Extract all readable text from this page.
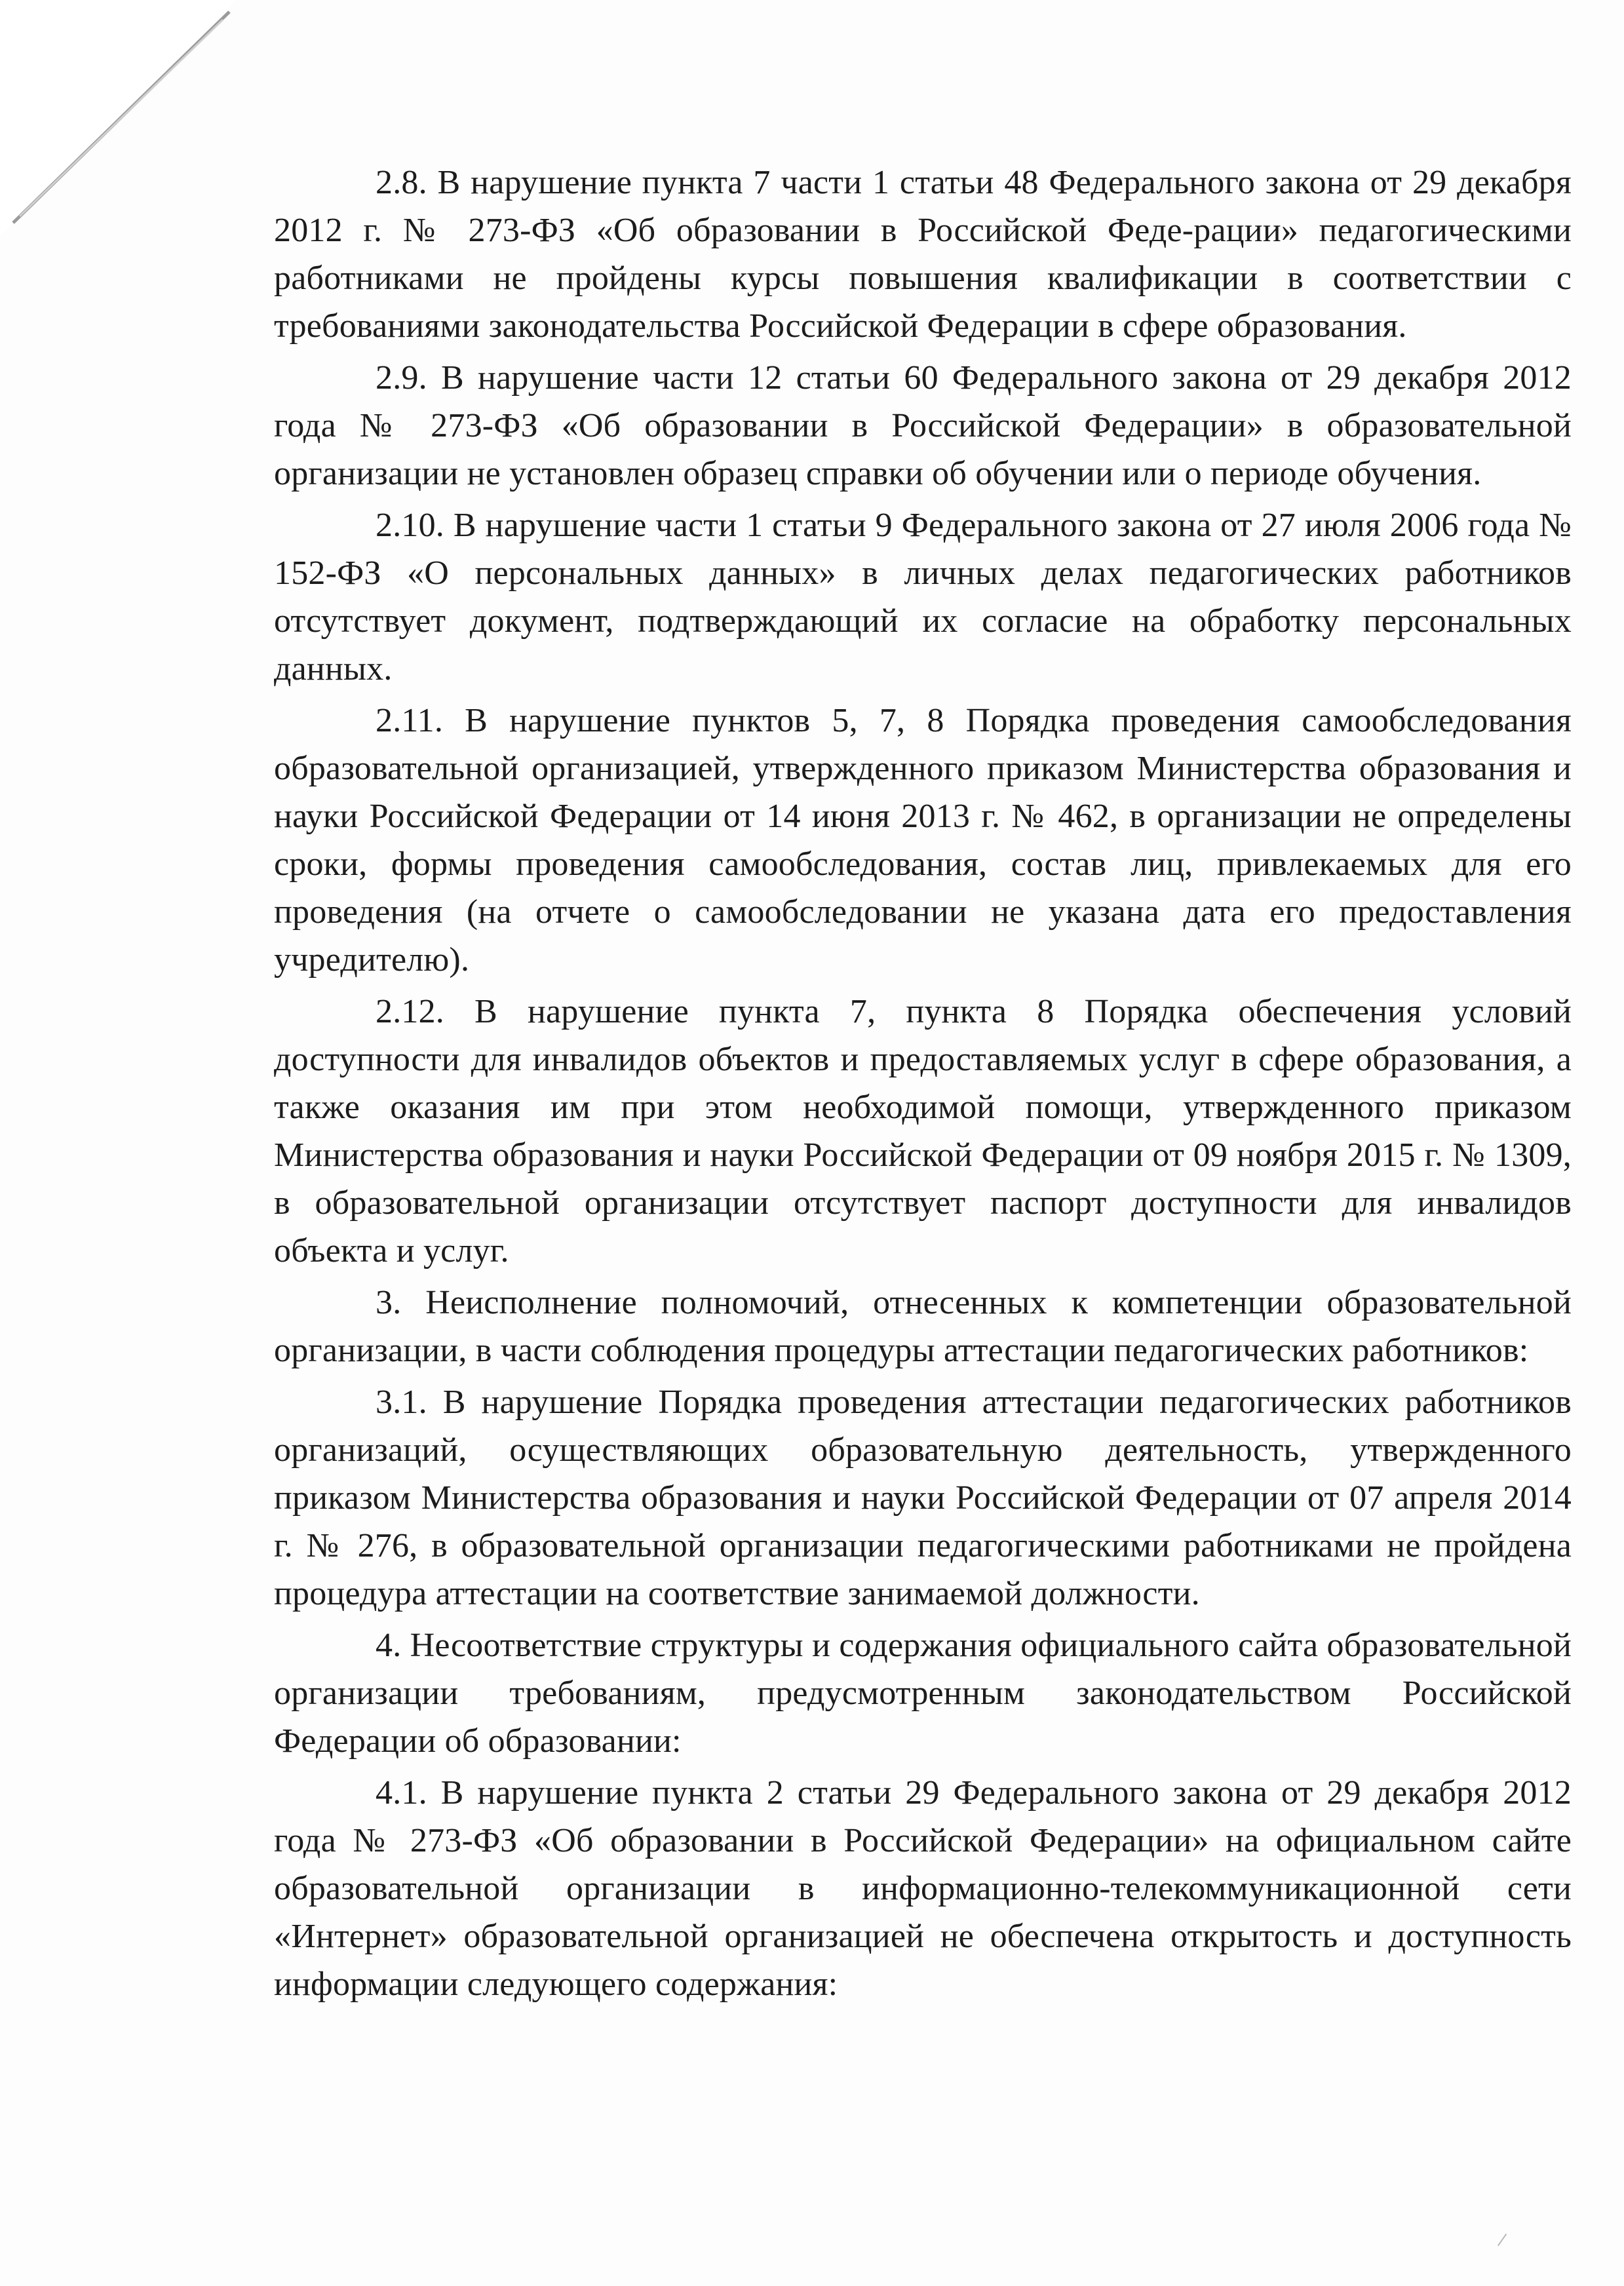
2.8. В нарушение пункта 7 части 1 статьи 48 Федерального закона от 29 декабря 2012 г. № 273-ФЗ «Об образовании в Российской Феде-рации» педагогическими работниками не пройдены курсы повышения квалификации в соответствии с требованиями законодательства Российской Федерации в сфере образования.

2.9. В нарушение части 12 статьи 60 Федерального закона от 29 декабря 2012 года № 273-ФЗ «Об образовании в Российской Федерации» в образовательной организации не установлен образец справки об обучении или о периоде обучения.

2.10. В нарушение части 1 статьи 9 Федерального закона от 27 июля 2006 года № 152-ФЗ «О персональных данных» в личных делах педагогических работников отсутствует документ, подтверждающий их согласие на обработку персональных данных.

2.11. В нарушение пунктов 5, 7, 8 Порядка проведения самообследования образовательной организацией, утвержденного приказом Министерства образования и науки Российской Федерации от 14 июня 2013 г. № 462, в организации не определены сроки, формы проведения самообследования, состав лиц, привлекаемых для его проведения (на отчете о самообследовании не указана дата его предоставления учредителю).

2.12. В нарушение пункта 7, пункта 8 Порядка обеспечения условий доступности для инвалидов объектов и предоставляемых услуг в сфере образования, а также оказания им при этом необходимой помощи, утвержденного приказом Министерства образования и науки Российской Федерации от 09 ноября 2015 г. № 1309, в образовательной организации отсутствует паспорт доступности для инвалидов объекта и услуг.

3. Неисполнение полномочий, отнесенных к компетенции образовательной организации, в части соблюдения процедуры аттестации педагогических работников:

3.1. В нарушение Порядка проведения аттестации педагогических работников организаций, осуществляющих образовательную деятельность, утвержденного приказом Министерства образования и науки Российской Федерации от 07 апреля 2014 г. № 276, в образовательной организации педагогическими работниками не пройдена процедура аттестации на соответствие занимаемой должности.

4. Несоответствие структуры и содержания официального сайта образовательной организации требованиям, предусмотренным законодательством Российской Федерации об образовании:

4.1. В нарушение пункта 2 статьи 29 Федерального закона от 29 декабря 2012 года № 273-ФЗ «Об образовании в Российской Федерации» на официальном сайте образовательной организации в информационно-телекоммуникационной сети «Интернет» образовательной организацией не обеспечена открытость и доступность информации следующего содержания:
